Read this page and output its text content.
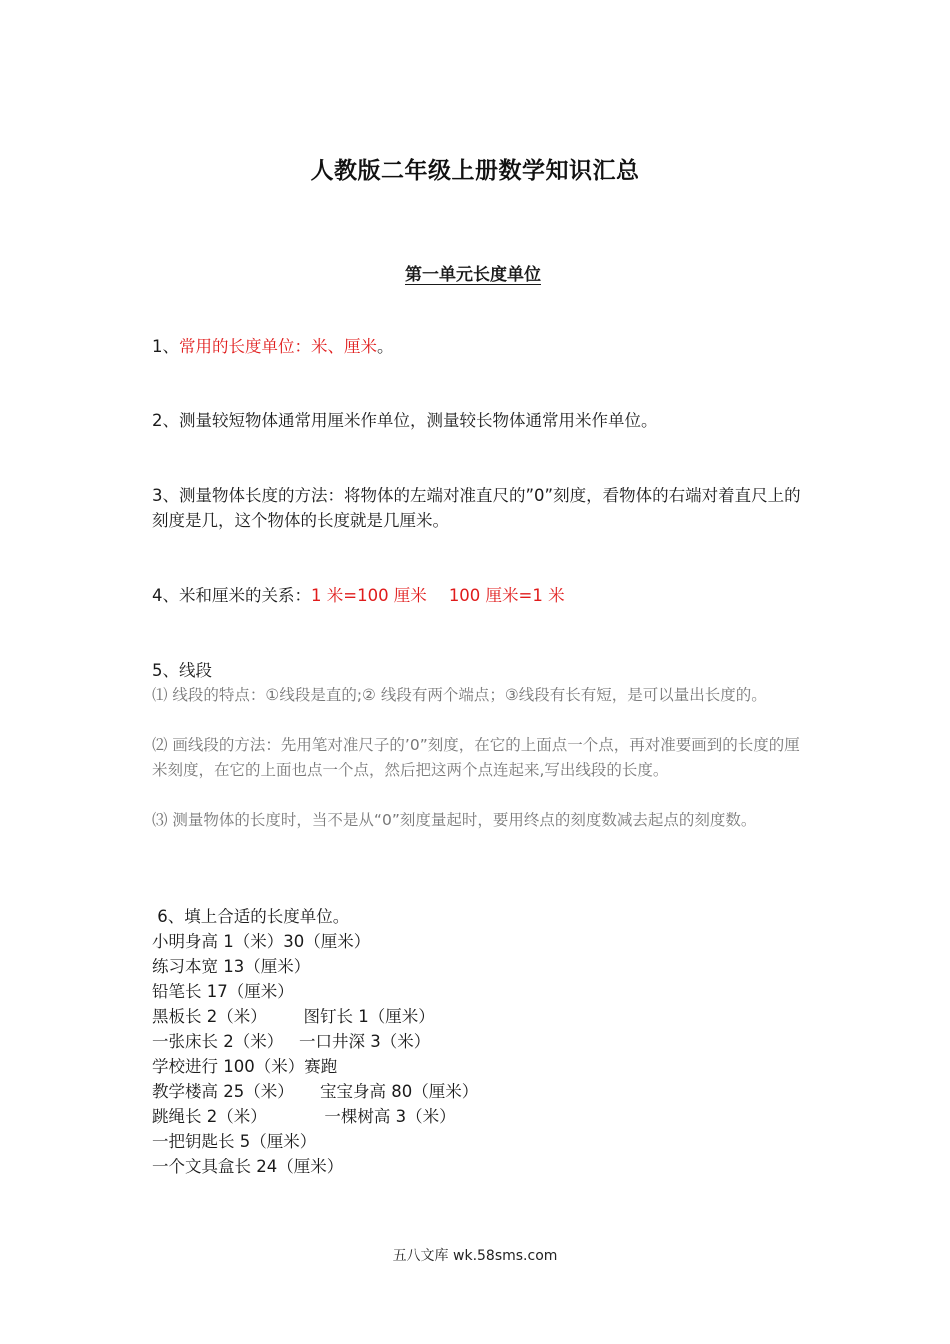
人教版二年级上册数学知识汇总
第一单元长度单位
1、常用的长度单位：米、厘米。
2、测量较短物体通常用厘米作单位，测量较长物体通常用米作单位。
3、测量物体长度的方法：将物体的左端对准直尺的”0”刻度，看物体的右端对着直尺上的刻度是几，这个物体的长度就是几厘米。
4、米和厘米的关系：1 米=100 厘米 100 厘米=1 米
5、线段
⑴ 线段的特点：①线段是直的;② 线段有两个端点；③线段有长有短，是可以量出长度的。
⑵ 画线段的方法：先用笔对准尺子的’0”刻度，在它的上面点一个点，再对准要画到的长度的厘米刻度，在它的上面也点一个点，然后把这两个点连起来,写出线段的长度。
⑶ 测量物体的长度时，当不是从“0”刻度量起时，要用终点的刻度数减去起点的刻度数。
6、填上合适的长度单位。
小明身高 1（米）30（厘米）
练习本宽 13（厘米）
铅笔长 17（厘米）
黑板长 2（米）       图钉长 1（厘米）
一张床长 2（米）   一口井深 3（米）
学校进行 100（米）赛跑
教学楼高 25（米）     宝宝身高 80（厘米）
跳绳长 2（米）           一棵树高 3（米）
一把钥匙长 5（厘米）
一个文具盒长 24（厘米）
五八文库 wk.58sms.com
